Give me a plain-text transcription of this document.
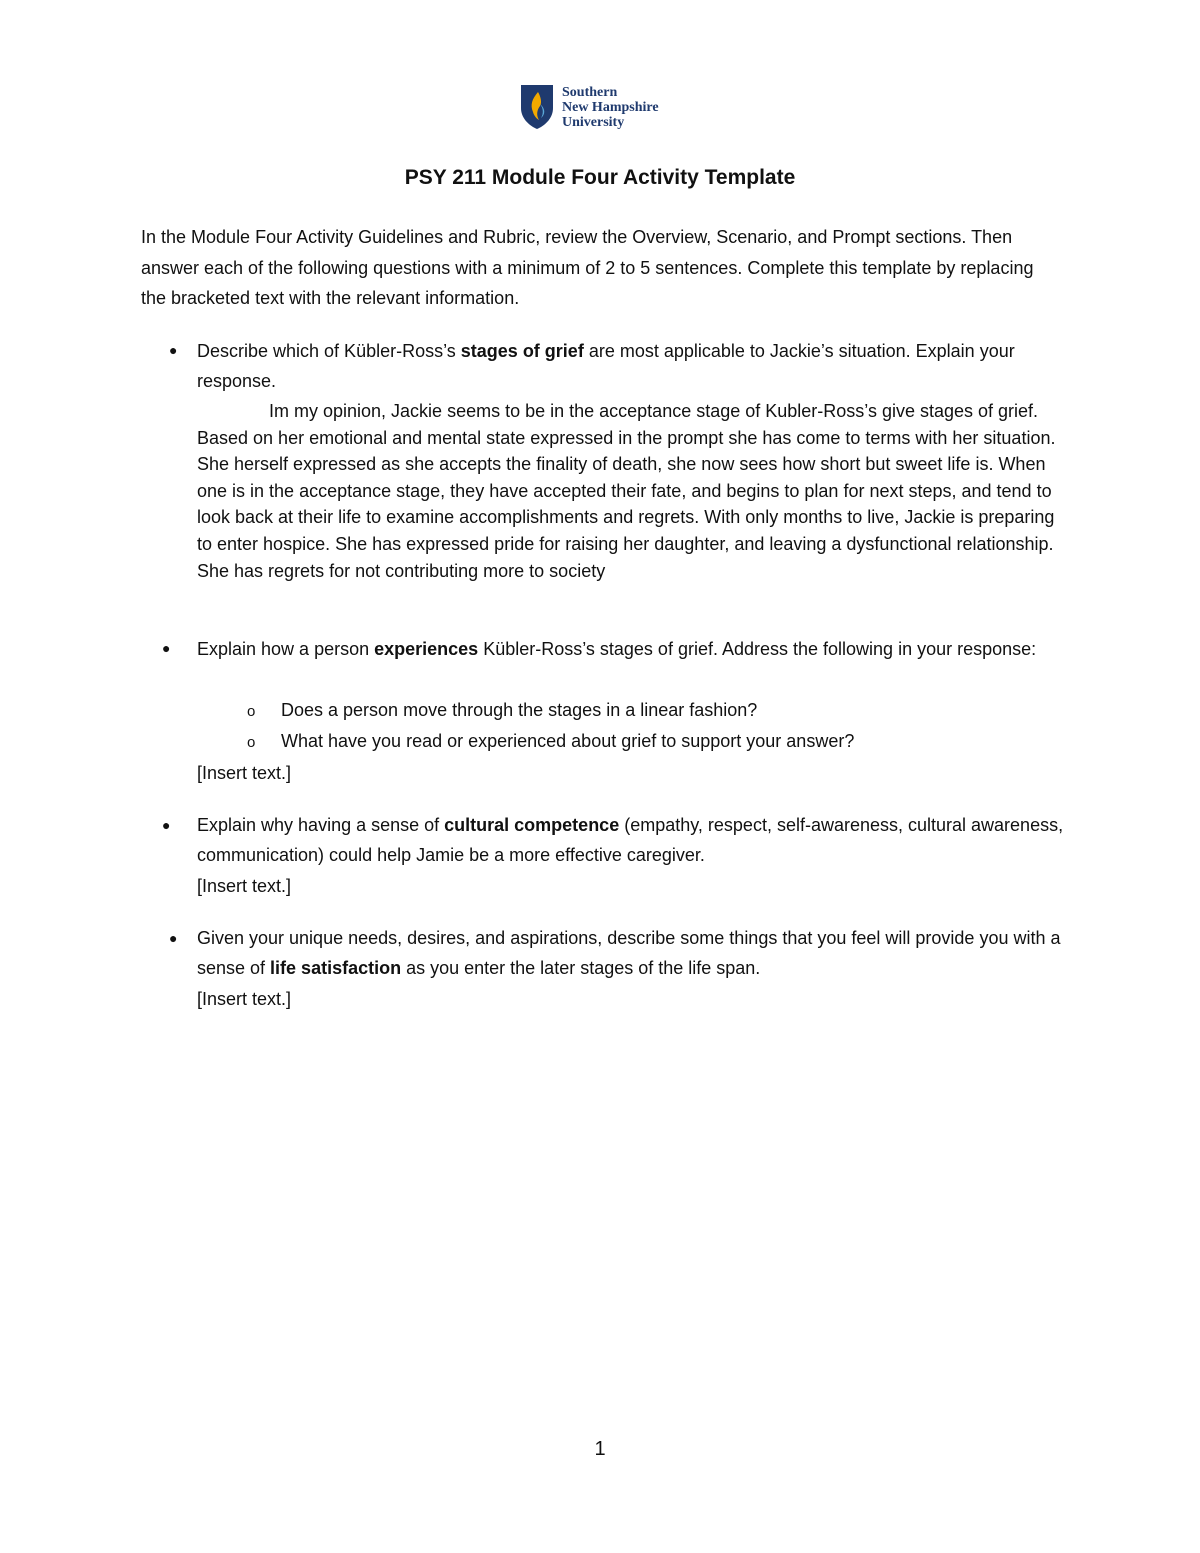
Southern
New Hampshire
University
PSY 211 Module Four Activity Template
In the Module Four Activity Guidelines and Rubric, review the Overview, Scenario, and Prompt sections. Then answer each of the following questions with a minimum of 2 to 5 sentences. Complete this template by replacing the bracketed text with the relevant information.
● Describe which of Kübler-Ross’s stages of grief are most applicable to Jackie’s situation. Explain your response.
Im my opinion, Jackie seems to be in the acceptance stage of Kubler-Ross’s give stages of grief. Based on her emotional and mental state expressed in the prompt she has come to terms with her situation. She herself expressed as she accepts the finality of death, she now sees how short but sweet life is. When one is in the acceptance stage, they have accepted their fate, and begins to plan for next steps, and tend to look back at their life to examine accomplishments and regrets. With only months to live, Jackie is preparing to enter hospice. She has expressed pride for raising her daughter, and leaving a dysfunctional relationship. She has regrets for not contributing more to society
● Explain how a person experiences Kübler-Ross’s stages of grief. Address the following in your response:
o Does a person move through the stages in a linear fashion?
o What have you read or experienced about grief to support your answer?
[Insert text.]
● Explain why having a sense of cultural competence (empathy, respect, self-awareness, cultural awareness, communication) could help Jamie be a more effective caregiver.
[Insert text.]
● Given your unique needs, desires, and aspirations, describe some things that you feel will provide you with a sense of life satisfaction as you enter the later stages of the life span.
[Insert text.]
1
